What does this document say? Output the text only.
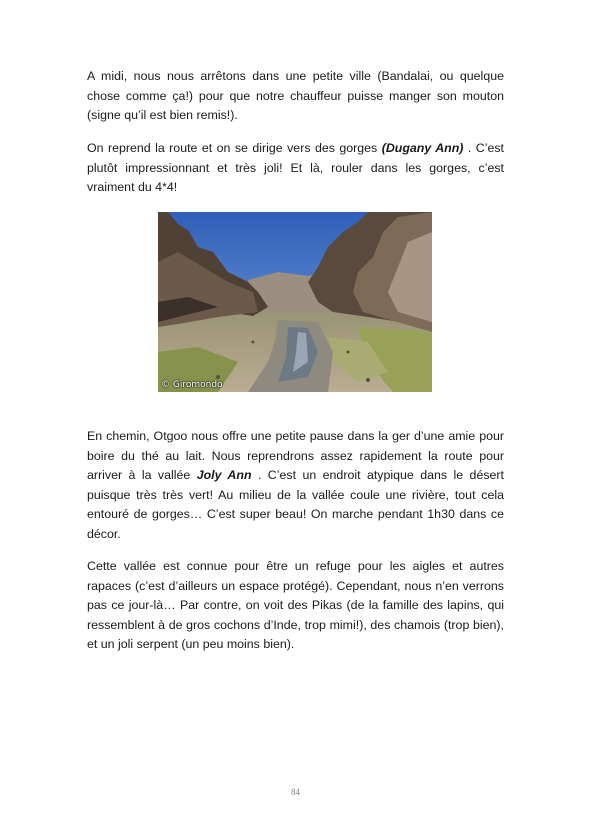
A midi, nous nous arrêtons dans une petite ville (Bandalai, ou quelque chose comme ça!) pour que notre chauffeur puisse manger son mouton (signe qu’il est bien remis!).

On reprend la route et on se dirige vers des gorges (Dugany Ann) . C’est plutôt impressionnant et très joli! Et là, rouler dans les gorges, c’est vraiment du 4*4!

© Giromondo

En chemin, Otgoo nous offre une petite pause dans la ger d’une amie pour boire du thé au lait. Nous reprendrons assez rapidement la route pour arriver à la vallée Joly Ann . C’est un endroit atypique dans le désert puisque très très vert! Au milieu de la vallée coule une rivière, tout cela entouré de gorges… C’est super beau! On marche pendant 1h30 dans ce décor.

Cette vallée est connue pour être un refuge pour les aigles et autres rapaces (c’est d’ailleurs un espace protégé). Cependant, nous n’en verrons pas ce jour-là… Par contre, on voit des Pikas (de la famille des lapins, qui ressemblent à de gros cochons d’Inde, trop mimi!), des chamois (trop bien), et un joli serpent (un peu moins bien).

84
